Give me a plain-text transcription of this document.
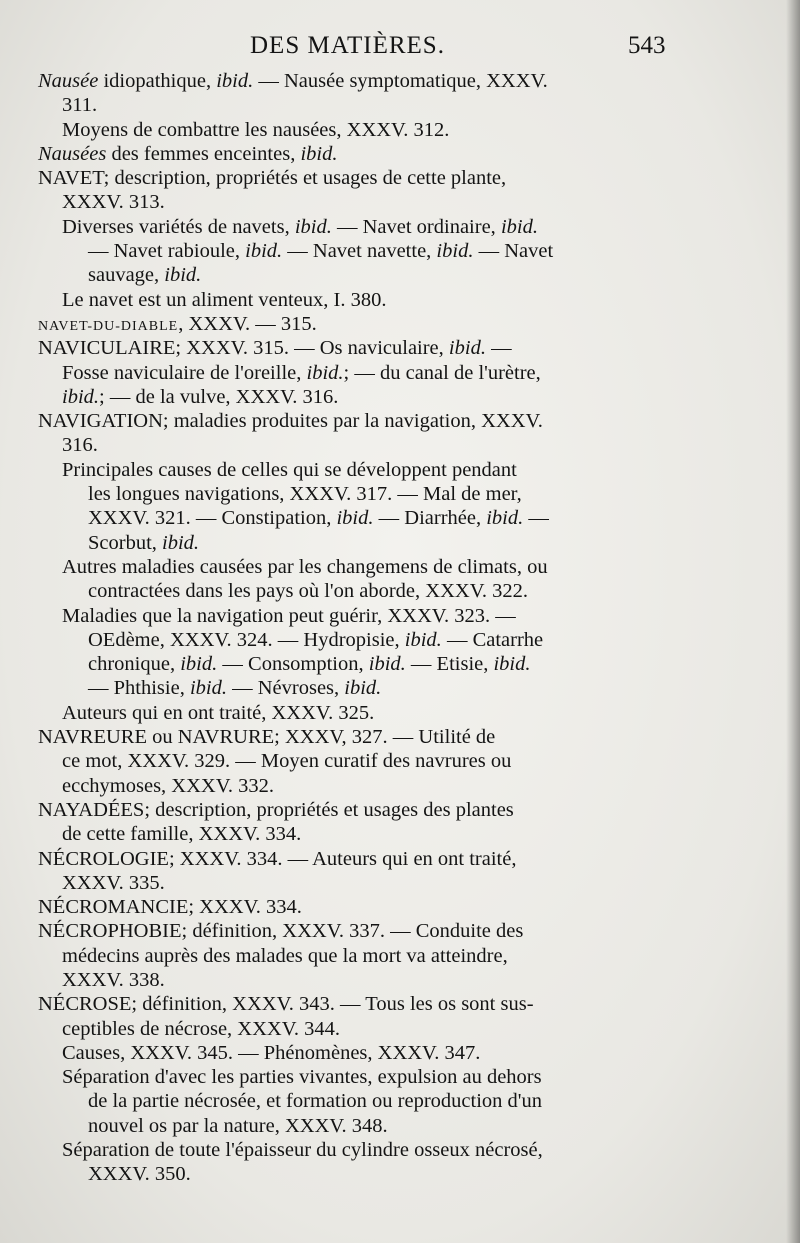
DES MATIÈRES.	543
Nausée idiopathique, ibid. — Nausée symptomatique, XXXV.
311.
Moyens de combattre les nausées, XXXV. 312.
Nausées des femmes enceintes, ibid.
NAVET; description, propriétés et usages de cette plante,
XXXV. 313.
Diverses variétés de navets, ibid. — Navet ordinaire, ibid.
— Navet rabioule, ibid. — Navet navette, ibid. — Navet
sauvage, ibid.
Le navet est un aliment venteux, I. 380.
NAVET-DU-DIABLE, XXXV. — 315.
NAVICULAIRE; XXXV. 315. — Os naviculaire, ibid. —
Fosse naviculaire de l'oreille, ibid.; — du canal de l'urètre,
ibid.; — de la vulve, XXXV. 316.
NAVIGATION; maladies produites par la navigation, XXXV.
316.
Principales causes de celles qui se développent pendant
les longues navigations, XXXV. 317. — Mal de mer,
XXXV. 321. — Constipation, ibid. — Diarrhée, ibid. —
Scorbut, ibid.
Autres maladies causées par les changemens de climats, ou
contractées dans les pays où l'on aborde, XXXV. 322.
Maladies que la navigation peut guérir, XXXV. 323. —
OEdème, XXXV. 324. — Hydropisie, ibid. — Catarrhe
chronique, ibid. — Consomption, ibid. — Etisie, ibid.
— Phthisie, ibid. — Névroses, ibid.
Auteurs qui en ont traité, XXXV. 325.
NAVREURE ou NAVRURE; XXXV, 327. — Utilité de
ce mot, XXXV. 329. — Moyen curatif des navrures ou
ecchymoses, XXXV. 332.
NAYADÉES; description, propriétés et usages des plantes
de cette famille, XXXV. 334.
NÉCROLOGIE; XXXV. 334. — Auteurs qui en ont traité,
XXXV. 335.
NÉCROMANCIE; XXXV. 334.
NÉCROPHOBIE; définition, XXXV. 337. — Conduite des
médecins auprès des malades que la mort va atteindre,
XXXV. 338.
NÉCROSE; définition, XXXV. 343. — Tous les os sont sus-
ceptibles de nécrose, XXXV. 344.
Causes, XXXV. 345. — Phénomènes, XXXV. 347.
Séparation d'avec les parties vivantes, expulsion au dehors
de la partie nécrosée, et formation ou reproduction d'un
nouvel os par la nature, XXXV. 348.
Séparation de toute l'épaisseur du cylindre osseux nécrosé,
XXXV. 350.
